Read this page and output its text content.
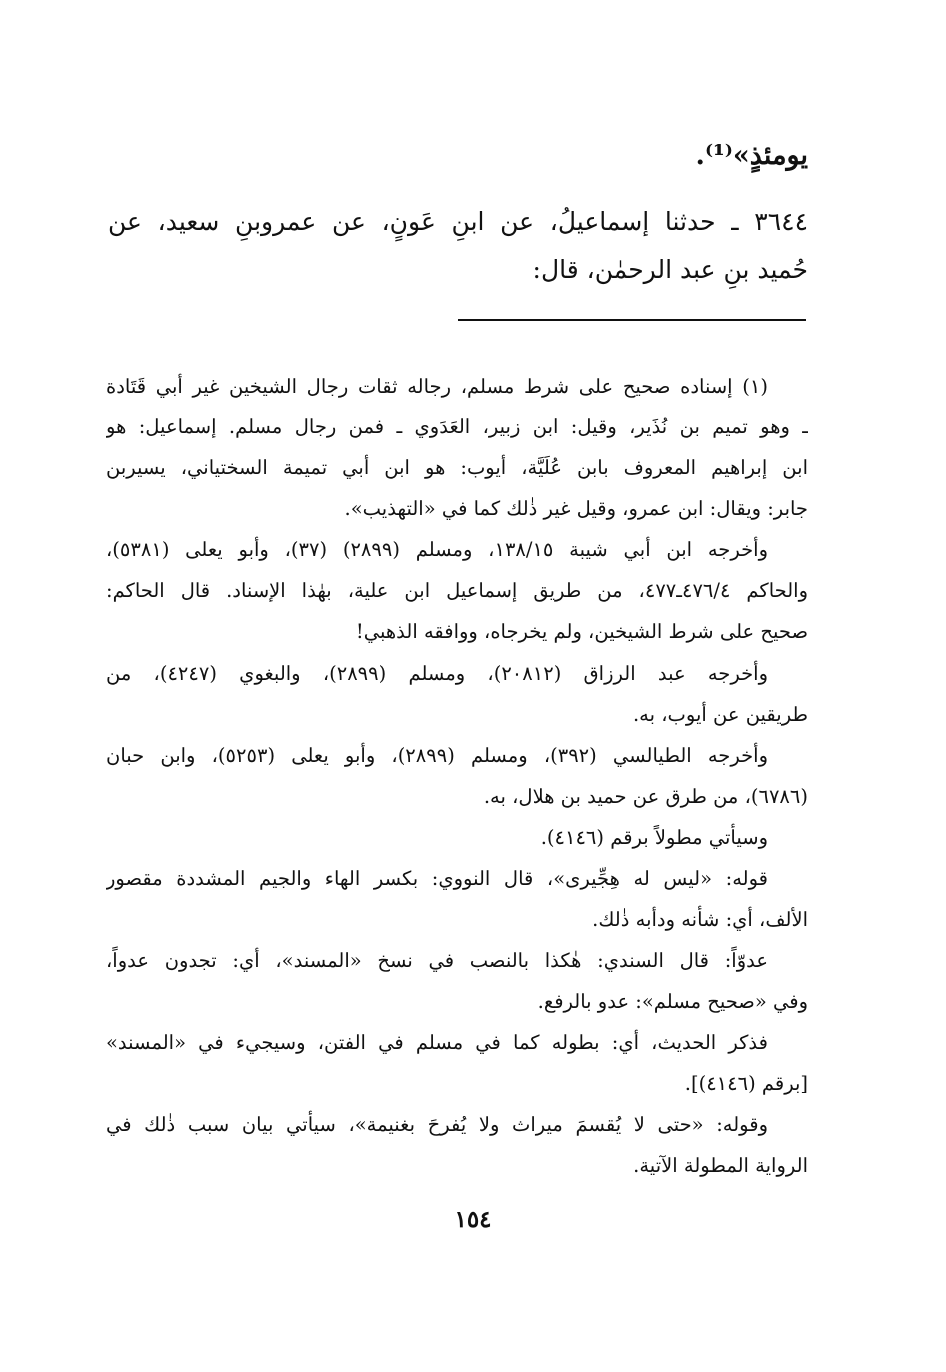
يومئذٍ»⁽¹⁾.

٣٦٤٤ ـ حدثنا إسماعيلُ، عن ابنِ عَونٍ، عن عمروبنِ سعيد، عن

حُميد بنِ عبد الرحمٰن، قال:

(١) إسناده صحيح على شرط مسلم، رجاله ثقات رجال الشيخين غير أبي قَتَادة
ـ وهو تميم بن نُذَير، وقيل: ابن زبير، العَدَوي ـ فمن رجال مسلم. إسماعيل: هو
ابن إبراهيم المعروف بابن عُلَيَّة، أيوب: هو ابن أبي تميمة السختياني، يسيربن
جابر: ويقال: ابن عمرو، وقيل غير ذٰلك كما في «التهذيب».
وأخرجه ابن أبي شيبة ١٣٨/١٥، ومسلم (٢٨٩٩) (٣٧)، وأبو يعلى (٥٣٨١)،
والحاكم ٤٧٦/٤ـ٤٧٧، من طريق إسماعيل ابن علية، بهٰذا الإسناد. قال الحاكم:
صحيح على شرط الشيخين، ولم يخرجاه، ووافقه الذهبي!
وأخرجه عبد الرزاق (٢٠٨١٢)، ومسلم (٢٨٩٩)، والبغوي (٤٢٤٧)، من
طريقين عن أيوب، به.
وأخرجه الطيالسي (٣٩٢)، ومسلم (٢٨٩٩)، وأبو يعلى (٥٢٥٣)، وابن حبان
(٦٧٨٦)، من طرق عن حميد بن هلال، به.
وسيأتي مطولاً برقم (٤١٤٦).
قوله: «ليس له هِجِّيرى»، قال النووي: بكسر الهاء والجيم المشددة مقصور
الألف، أي: شأنه ودأبه ذٰلك.
عدوّاً: قال السندي: هٰكذا بالنصب في نسخ «المسند»، أي: تجدون عدواً،
وفي «صحيح مسلم»: عدو بالرفع.
فذكر الحديث، أي: بطوله كما في مسلم في الفتن، وسيجيء في «المسند»
[برقم (٤١٤٦)].
وقوله: «حتى لا يُقسمَ ميراث ولا يُفرحَ بغنيمة»، سيأتي بيان سبب ذٰلك في
الرواية المطولة الآتية.
١٥٤
